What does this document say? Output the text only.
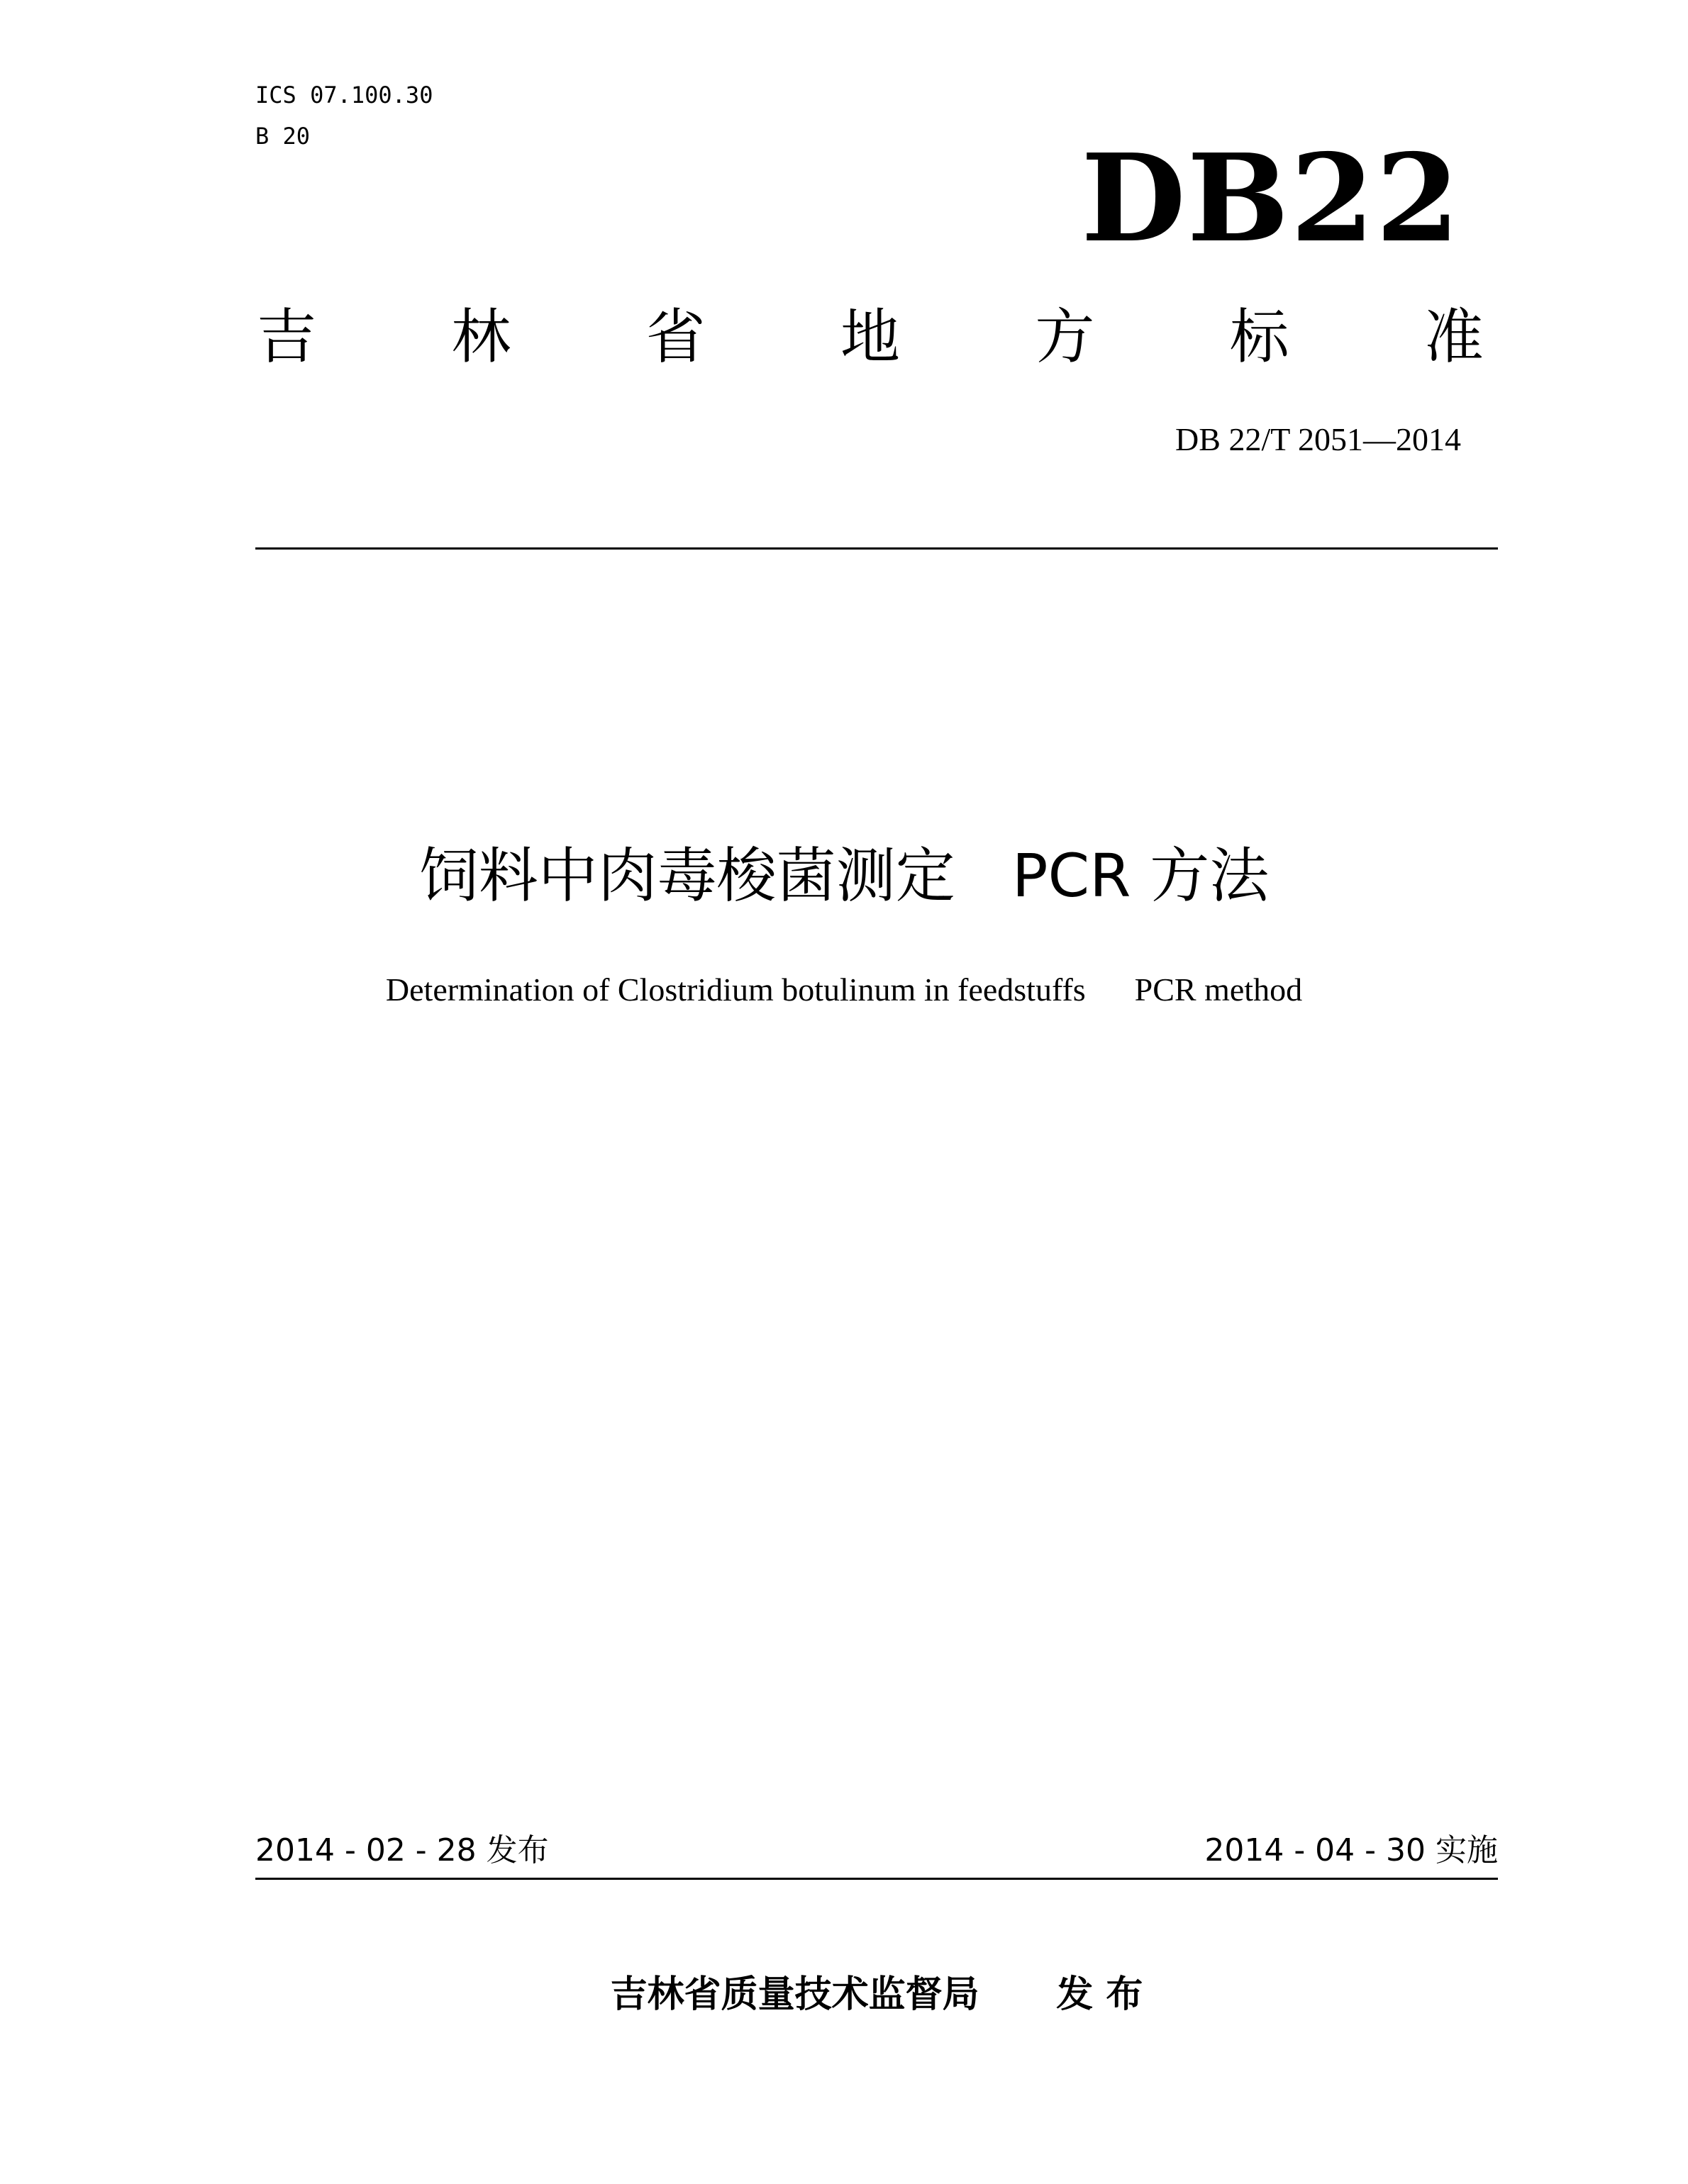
ICS 07.100.30
B 20	DB22
吉 林 省 地 方 标 准
DB 22/T 2051—2014
饲料中肉毒梭菌测定   PCR 方法
Determination of Clostridium botulinum in feedstuffs      PCR method
2014 - 02 - 28 发布	2014 - 04 - 30 实施
吉林省质量技术监督局      发 布
